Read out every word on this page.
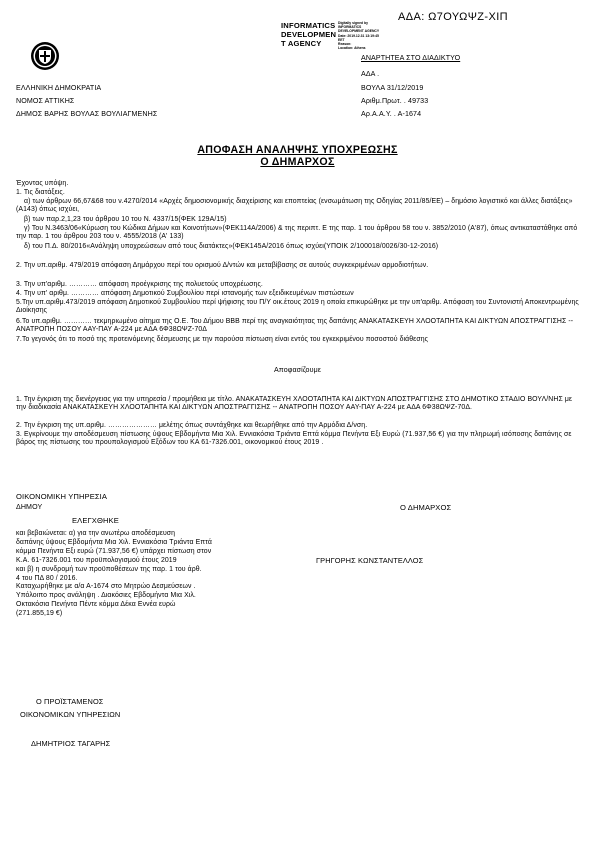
ΑΔΑ: Ω7ΟΥΩΨΖ-ΧΙΠ
INFORMATICS
DEVELOPMEN
T AGENCY
Digitally signed by
INFORMATICS
DEVELOPMENT AGENCY
Date: 2019.12.31 13:19:45
EET
Reason:
Location: Athens
ΑΝΑΡΤΗΤΕΑ ΣΤΟ ΔΙΑΔΙΚΤΥΟ
ΕΛΛΗΝΙΚΗ ΔΗΜΟΚΡΑΤΙΑ
ΝΟΜΟΣ ΑΤΤΙΚΗΣ
ΔΗΜΟΣ ΒΑΡΗΣ ΒΟΥΛΑΣ ΒΟΥΛΙΑΓΜΕΝΗΣ
ΑΔΑ .
ΒΟΥΛΑ 31/12/2019
Αριθμ.Πρωτ. . 49733
Αρ.Α.Α.Υ. . Α-1674
ΑΠΟΦΑΣΗ ΑΝΑΛΗΨΗΣ ΥΠΟΧΡΕΩΣΗΣ
Ο ΔΗΜΑΡΧΟΣ
Έχοντας υπόψη.
1. Τις διατάξεις.
α) των άρθρων 66,67&68 του ν.4270/2014 «Αρχές δημοσιονομικής διαχείρισης και εποπτείας (ενσωμάτωση της Οδηγίας 2011/85/ΕΕ) – δημόσιο λογιστικό και άλλες διατάξεις» (Α143) όπως ισχύει,
β) των παρ.2,1,23 του άρθρου 10 του Ν. 4337/15(ΦΕΚ 129Α/15)
γ) Του Ν.3463/06«Κύρωση του Κώδικα Δήμων και Κοινοτήτων»(ΦΕΚ114Α/2006) & της περιπτ. Ε της παρ. 1 του άρθρου 58 του ν. 3852/2010 (Α'87), όπως αντικαταστάθηκε από την παρ. 1 του άρθρου 203 του ν. 4555/2018 (Α' 133)
δ) του Π.Δ. 80/2016«Ανάληψη υποχρεώσεων από τους διατάκτες»(ΦΕΚ145Α/2016 όπως ισχύει(ΥΠΟΙΚ 2/100018/0026/30-12-2016)
2. Την υπ.αριθμ. 479/2019 απόφαση Δημάρχου περί του ορισμού Δ/ντών και μεταβίβασης σε αυτούς συγκεκριμένων αρμοδιοτήτων.
3. Την υπ'αριθμ. ………… απόφαση προέγκρισης της πολυετούς υποχρέωσης.
4. Την υπ' αριθμ. ………… απόφαση Δημοτικού Συμβουλίου περί ιστανομής των εξειδικευμένων πιστώσεων
5.Την υπ.αριθμ.473/2019 απόφαση Δημοτικού Συμβουλίου περί ψήφισης του Π/Υ οικ.έτους 2019 η οποία επικυρώθηκε με την υπ'αριθμ. Απόφαση του Συντονιστή Αποκεντρωμένης Διοίκησης
6.Το υπ.αριθμ. ………… τεκμηριωμένο αίτημα της Ο.Ε. Του Δήμου ΒΒΒ περί της αναγκαιότητας της δαπάνης ΑΝΑΚΑΤΑΣΚΕΥΗ ΧΛΟΟΤΑΠΗΤΑ ΚΑΙ ΔΙΚΤΥΩΝ ΑΠΟΣΤΡΑΓΓΙΣΗΣ -- ΑΝΑΤΡΟΠΗ ΠΟΣΟΥ ΑΑΥ-ΠΑΥ Α-224 με ΑΔΑ 6Φ38ΩΨΖ-70Δ
7.Το γεγονός ότι το ποσό της προτεινόμενης δέσμευσης με την παρούσα πίστωση είναι εντός του εγκεκριμένου ποσοστού διάθεσης
Αποφασίζουμε
1. Την έγκριση της διενέργειας για την υπηρεσία / προμήθεια με τίτλο. ΑΝΑΚΑΤΑΣΚΕΥΗ ΧΛΟΟΤΑΠΗΤΑ ΚΑΙ ΔΙΚΤΥΩΝ ΑΠΟΣΤΡΑΓΓΙΣΗΣ ΣΤΟ ΔΗΜΟΤΙΚΟ ΣΤΑΔΙΟ ΒΟΥΛ/ΝΗΣ με την διαδικασία ΑΝΑΚΑΤΑΣΚΕΥΗ ΧΛΟΟΤΑΠΗΤΑ ΚΑΙ ΔΙΚΤΥΩΝ ΑΠΟΣΤΡΑΓΓΙΣΗΣ -- ΑΝΑΤΡΟΠΗ ΠΟΣΟΥ ΑΑΥ-ΠΑΥ Α-224 με ΑΔΑ 6Φ38ΩΨΖ-70Δ.
2. Την έγκριση της υπ.αριθμ. ………………… μελέτης όπως συντάχθηκε και θεωρήθηκε από την Αρμόδια Δ/νση.
3. Εγκρίνουμε την αποδέσμευση πίστωσης ύψους Εβδομήντα Μια Χιλ. Εννιακόσια Τριάντα Επτά κόμμα Πενήντα Εξι Ευρώ (71.937,56 €) για την πληρωμή ισόποσης δαπάνης σε βάρος της πίστωσης του προυπολογισμού Εξόδων του ΚΑ 61-7326.001, οικονομικού έτους 2019 .
ΟΙΚΟΝΟΜΙΚΗ ΥΠΗΡΕΣΙΑ
ΔΗΜΟΥ	Ο ΔΗΜΑΡΧΟΣ
ΕΛΕΓΧΘΗΚΕ
και βεβαιώνεται: α) για την ανωτέρω αποδέσμευση
δαπάνης ύψους Εβδομήντα Μια Χιλ. Εννιακόσια Τριάντα Επτά
κόμμα Πενήντα Εξι ευρώ (71.937,56 €) υπάρχει πίστωση στον
Κ.Α. 61-7326.001 του προϋπολογισμού έτους 2019
και β) η συνδρομή των προϋποθέσεων της παρ. 1 του άρθ.
4 του ΠΔ 80 / 2016.
Καταχωρήθηκε με α/α Α-1674 στο Μητρώο Δεσμεύσεων .
Υπόλοιπο προς ανάληψη . Διακόσιες Εβδομήντα Μια Χιλ.
Οκτακόσια Πενήντα Πέντε κόμμα Δέκα Εννέα ευρώ
(271.855,19 €)
ΓΡΗΓΟΡΗΣ ΚΩΝΣΤΑΝΤΕΛΛΟΣ
Ο ΠΡΟΪΣΤΑΜΕΝΟΣ
ΟΙΚΟΝΟΜΙΚΩΝ ΥΠΗΡΕΣΙΩΝ
ΔΗΜΗΤΡΙΟΣ ΤΑΓΑΡΗΣ
